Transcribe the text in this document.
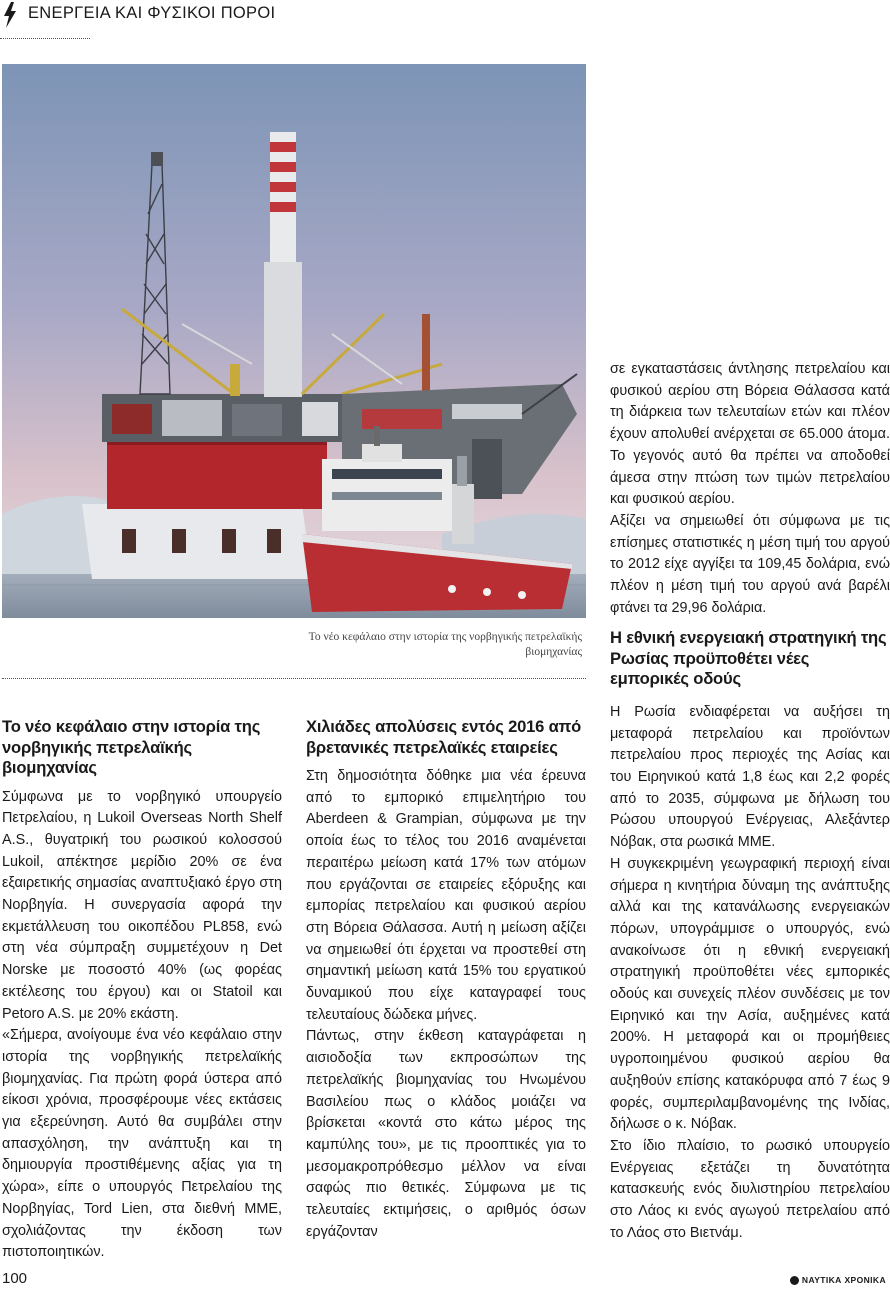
ΕΝΕΡΓΕΙΑ ΚΑΙ ΦΥΣΙΚΟΙ ΠΟΡΟΙ
Το νέο κεφάλαιο στην ιστορία της νορβηγικής πετρελαϊκής βιομηχανίας
Το νέο κεφάλαιο στην ιστορία της νορβηγικής πετρελαϊκής βιομηχανίας

Σύμφωνα με το νορβηγικό υπουργείο Πετρελαίου, η Lukoil Overseas North Shelf A.S., θυγατρική του ρωσικού κολοσσού Lukoil, απέκτησε μερίδιο 20% σε ένα εξαιρετικής σημασίας αναπτυξιακό έργο στη Νορβηγία. Η συνεργασία αφορά την εκμετάλλευση του οικοπέδου PL858, ενώ στη νέα σύμπραξη συμμετέχουν η Det Norske με ποσοστό 40% (ως φορέας εκτέλεσης του έργου) και οι Statoil και Petoro A.S. με 20% εκάστη.

«Σήμερα, ανοίγουμε ένα νέο κεφάλαιο στην ιστορία της νορβηγικής πετρελαϊκής βιομηχανίας. Για πρώτη φορά ύστερα από είκοσι χρόνια, προσφέρουμε νέες εκτάσεις για εξερεύνηση. Αυτό θα συμβάλει στην απασχόληση, την ανάπτυξη και τη δημιουργία προστιθέμενης αξίας για τη χώρα», είπε ο υπουργός Πετρελαίου της Νορβηγίας, Tord Lien, στα διεθνή ΜΜΕ, σχολιάζοντας την έκδοση των πιστοποιητικών.

Χιλιάδες απολύσεις εντός 2016 από βρετανικές πετρελαϊκές εταιρείες

Στη δημοσιότητα δόθηκε μια νέα έρευνα από το εμπορικό επιμελητήριο του Aberdeen & Grampian, σύμφωνα με την οποία έως το τέλος του 2016 αναμένεται περαιτέρω μείωση κατά 17% των ατόμων που εργάζονται σε εταιρείες εξόρυξης και εμπορίας πετρελαίου και φυσικού αερίου στη Βόρεια Θάλασσα. Αυτή η μείωση αξίζει να σημειωθεί ότι έρχεται να προστεθεί στη σημαντική μείωση κατά 15% του εργατικού δυναμικού που είχε καταγραφεί τους τελευταίους δώδεκα μήνες.

Πάντως, στην έκθεση καταγράφεται η αισιοδοξία των εκπροσώπων της πετρελαϊκής βιομηχανίας του Ηνωμένου Βασιλείου πως ο κλάδος μοιάζει να βρίσκεται «κοντά στο κάτω μέρος της καμπύλης του», με τις προοπτικές για το μεσομακροπρόθεσμο μέλλον να είναι σαφώς πιο θετικές. Σύμφωνα με τις τελευταίες εκτιμήσεις, ο αριθμός όσων εργάζονταν

σε εγκαταστάσεις άντλησης πετρελαίου και φυσικού αερίου στη Βόρεια Θάλασσα κατά τη διάρκεια των τελευταίων ετών και πλέον έχουν απολυθεί ανέρχεται σε 65.000 άτομα. Το γεγονός αυτό θα πρέπει να αποδοθεί άμεσα στην πτώση των τιμών πετρελαίου και φυσικού αερίου.

Αξίζει να σημειωθεί ότι σύμφωνα με τις επίσημες στατιστικές η μέση τιμή του αργού το 2012 είχε αγγίξει τα 109,45 δολάρια, ενώ πλέον η μέση τιμή του αργού ανά βαρέλι φτάνει τα 29,96 δολάρια.

Η εθνική ενεργειακή στρατηγική της Ρωσίας προϋποθέτει νέες εμπορικές οδούς

Η Ρωσία ενδιαφέρεται να αυξήσει τη μεταφορά πετρελαίου και προϊόντων πετρελαίου προς περιοχές της Ασίας και του Ειρηνικού κατά 1,8 έως και 2,2 φορές από το 2035, σύμφωνα με δήλωση του Ρώσου υπουργού Ενέργειας, Αλεξάντερ Νόβακ, στα ρωσικά ΜΜΕ.

Η συγκεκριμένη γεωγραφική περιοχή είναι σήμερα η κινητήρια δύναμη της ανάπτυξης αλλά και της κατανάλωσης ενεργειακών πόρων, υπογράμμισε ο υπουργός, ενώ ανακοίνωσε ότι η εθνική ενεργειακή στρατηγική προϋποθέτει νέες εμπορικές οδούς και συνεχείς πλέον συνδέσεις με τον Ειρηνικό και την Ασία, αυξημένες κατά 200%. Η μεταφορά και οι προμήθειες υγροποιημένου φυσικού αερίου θα αυξηθούν επίσης κατακόρυφα από 7 έως 9 φορές, συμπεριλαμβανομένης της Ινδίας, δήλωσε ο κ. Νόβακ.

Στο ίδιο πλαίσιο, το ρωσικό υπουργείο Ενέργειας εξετάζει τη δυνατότητα κατασκευής ενός διυλιστηρίου πετρελαίου στο Λάος κι ενός αγωγού πετρελαίου από το Λάος στο Βιετνάμ.

100	ΝΑΥΤΙΚΑ ΧΡΟΝΙΚΑ
